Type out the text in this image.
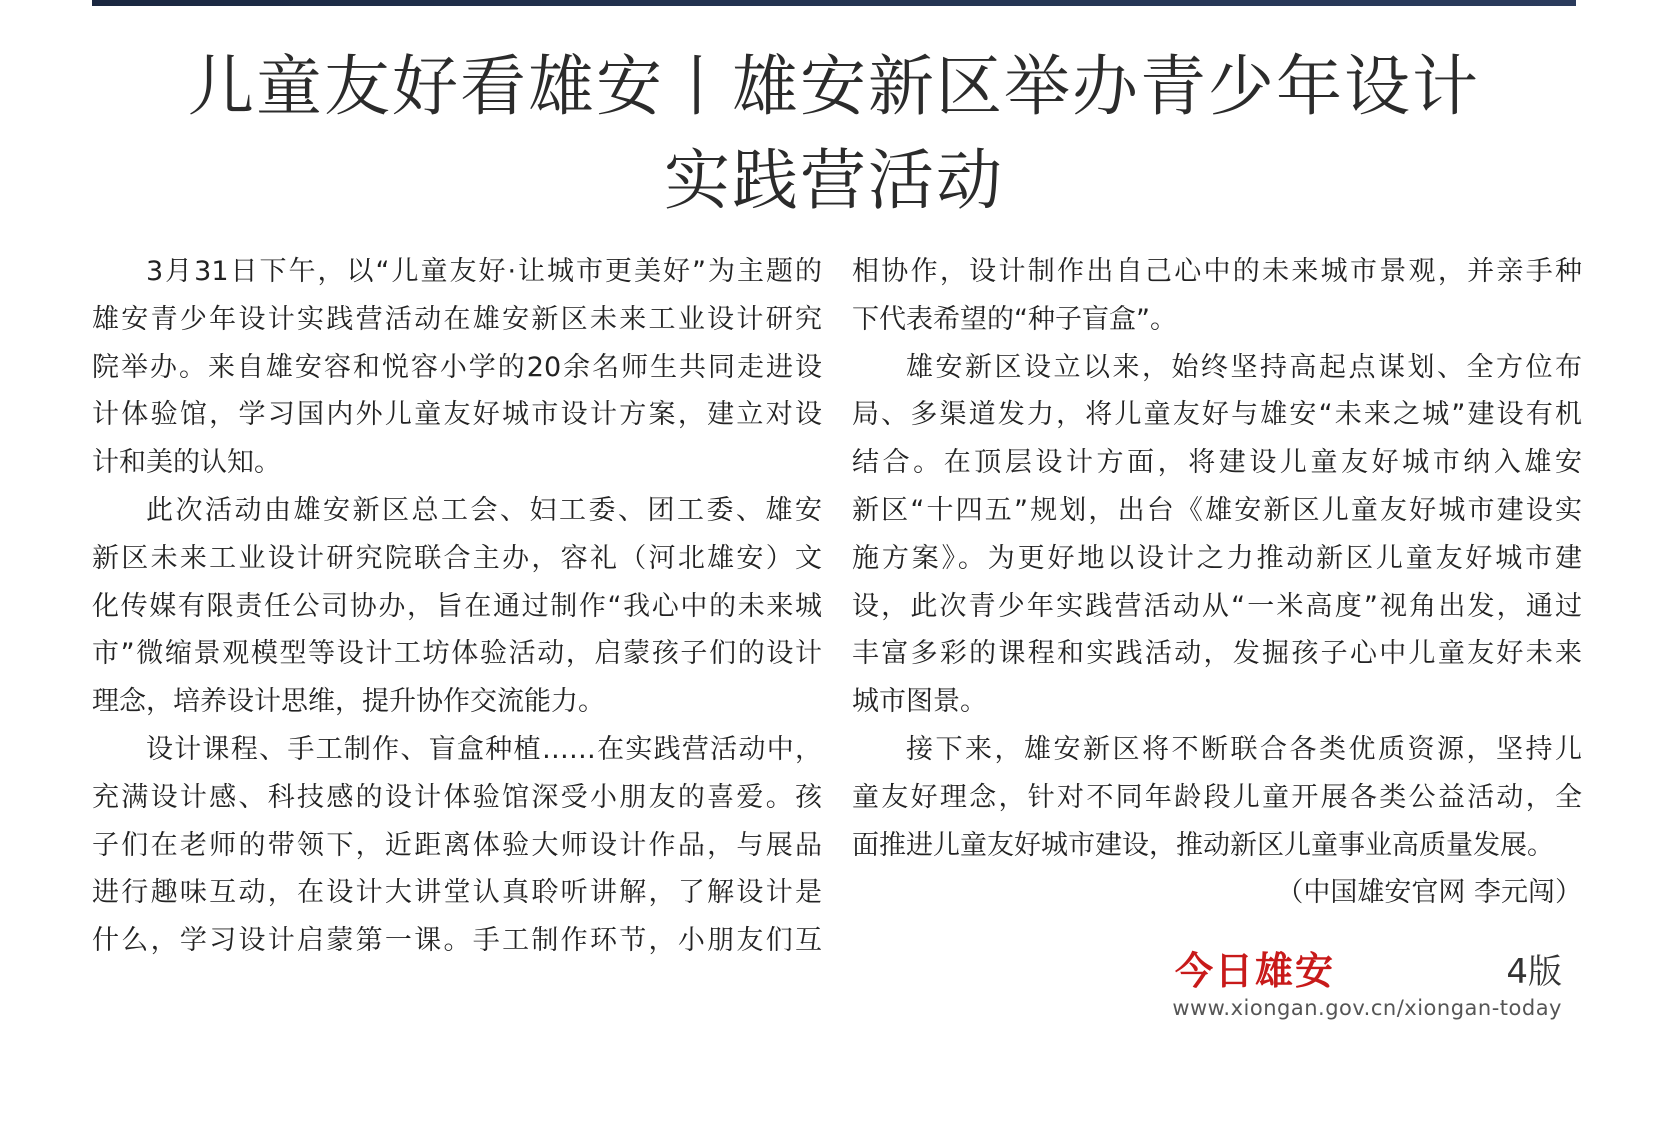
儿童友好看雄安丨雄安新区举办青少年设计
实践营活动
3月31日下午，以“儿童友好·让城市更美好”为主题的
雄安青少年设计实践营活动在雄安新区未来工业设计研究
院举办。来自雄安容和悦容小学的20余名师生共同走进设
计体验馆，学习国内外儿童友好城市设计方案，建立对设
计和美的认知。
此次活动由雄安新区总工会、妇工委、团工委、雄安
新区未来工业设计研究院联合主办，容礼（河北雄安）文
化传媒有限责任公司协办，旨在通过制作“我心中的未来城
市”微缩景观模型等设计工坊体验活动，启蒙孩子们的设计
理念，培养设计思维，提升协作交流能力。
设计课程、手工制作、盲盒种植……在实践营活动中，
充满设计感、科技感的设计体验馆深受小朋友的喜爱。孩
子们在老师的带领下，近距离体验大师设计作品，与展品
进行趣味互动，在设计大讲堂认真聆听讲解，了解设计是
什么，学习设计启蒙第一课。手工制作环节，小朋友们互
相协作，设计制作出自己心中的未来城市景观，并亲手种
下代表希望的“种子盲盒”。
雄安新区设立以来，始终坚持高起点谋划、全方位布
局、多渠道发力，将儿童友好与雄安“未来之城”建设有机
结合。在顶层设计方面，将建设儿童友好城市纳入雄安
新区“十四五”规划，出台《雄安新区儿童友好城市建设实
施方案》。为更好地以设计之力推动新区儿童友好城市建
设，此次青少年实践营活动从“一米高度”视角出发，通过
丰富多彩的课程和实践活动，发掘孩子心中儿童友好未来
城市图景。
接下来，雄安新区将不断联合各类优质资源，坚持儿
童友好理念，针对不同年龄段儿童开展各类公益活动，全
面推进儿童友好城市建设，推动新区儿童事业高质量发展。
（中国雄安官网 李元闯）
今日雄安	4版
www.xiongan.gov.cn/xiongan-today
